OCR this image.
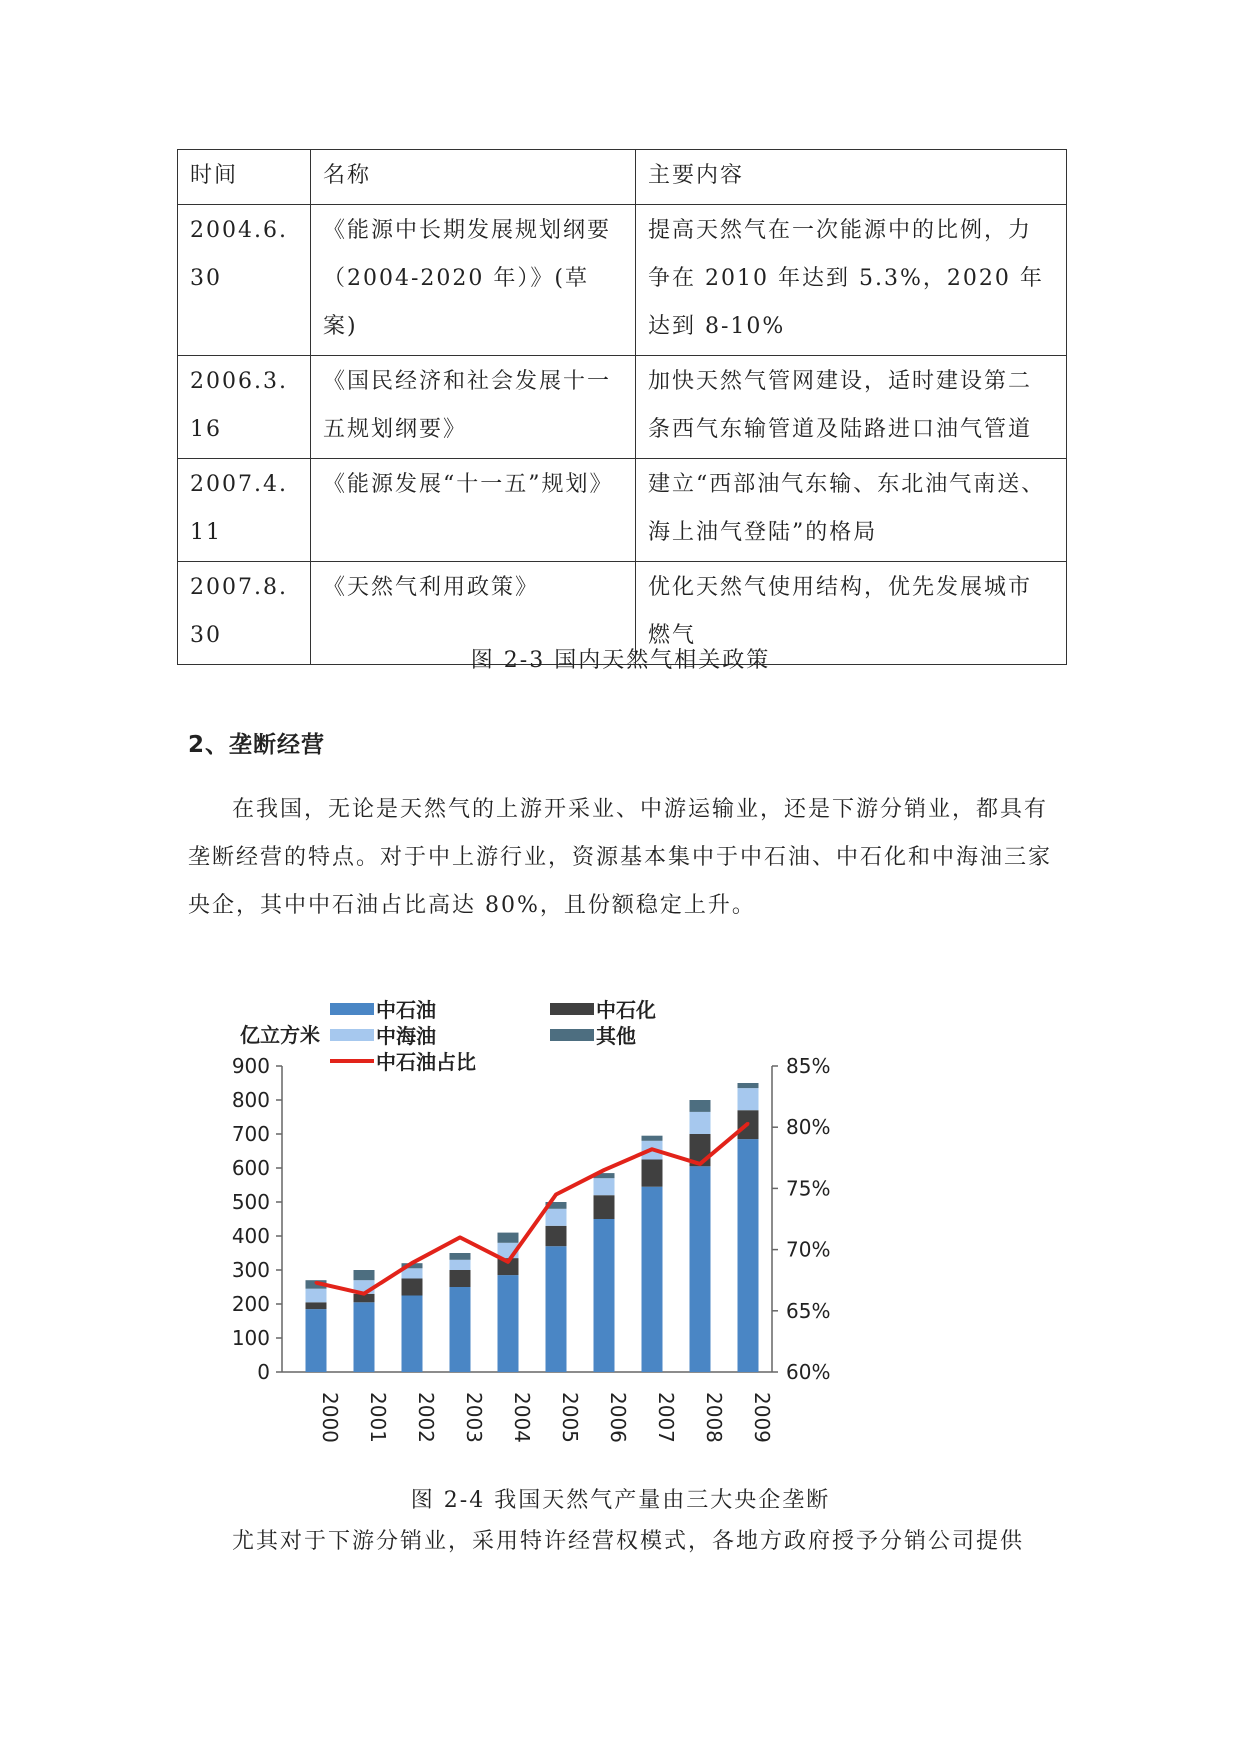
时间	名称	主要内容
2004.6.30	《能源中长期发展规划纲要（2004-2020 年）》(草案)	提高天然气在一次能源中的比例，力争在 2010 年达到 5.3%，2020 年达到 8-10%
2006.3.16	《国民经济和社会发展十一五规划纲要》	加快天然气管网建设，适时建设第二条西气东输管道及陆路进口油气管道
2007.4.11	《能源发展“十一五”规划》	建立“西部油气东输、东北油气南送、海上油气登陆”的格局
2007.8.30	《天然气利用政策》	优化天然气使用结构，优先发展城市燃气
图 2-3 国内天然气相关政策
2、垄断经营

在我国，无论是天然气的上游开采业、中游运输业，还是下游分销业，都具有垄断经营的特点。对于中上游行业，资源基本集中于中石油、中石化和中海油三家央企，其中中石油占比高达 80%，且份额稳定上升。

中石油
中海油
中石油占比
中石化
其他
亿立方米
0
100
200
300
400
500
600
700
800
900
60%
65%
70%
75%
80%
85%
2000 2001 2002 2003 2004 2005 2006 2007 2008 2009
图 2-4 我国天然气产量由三大央企垄断

尤其对于下游分销业，采用特许经营权模式，各地方政府授予分销公司提供
